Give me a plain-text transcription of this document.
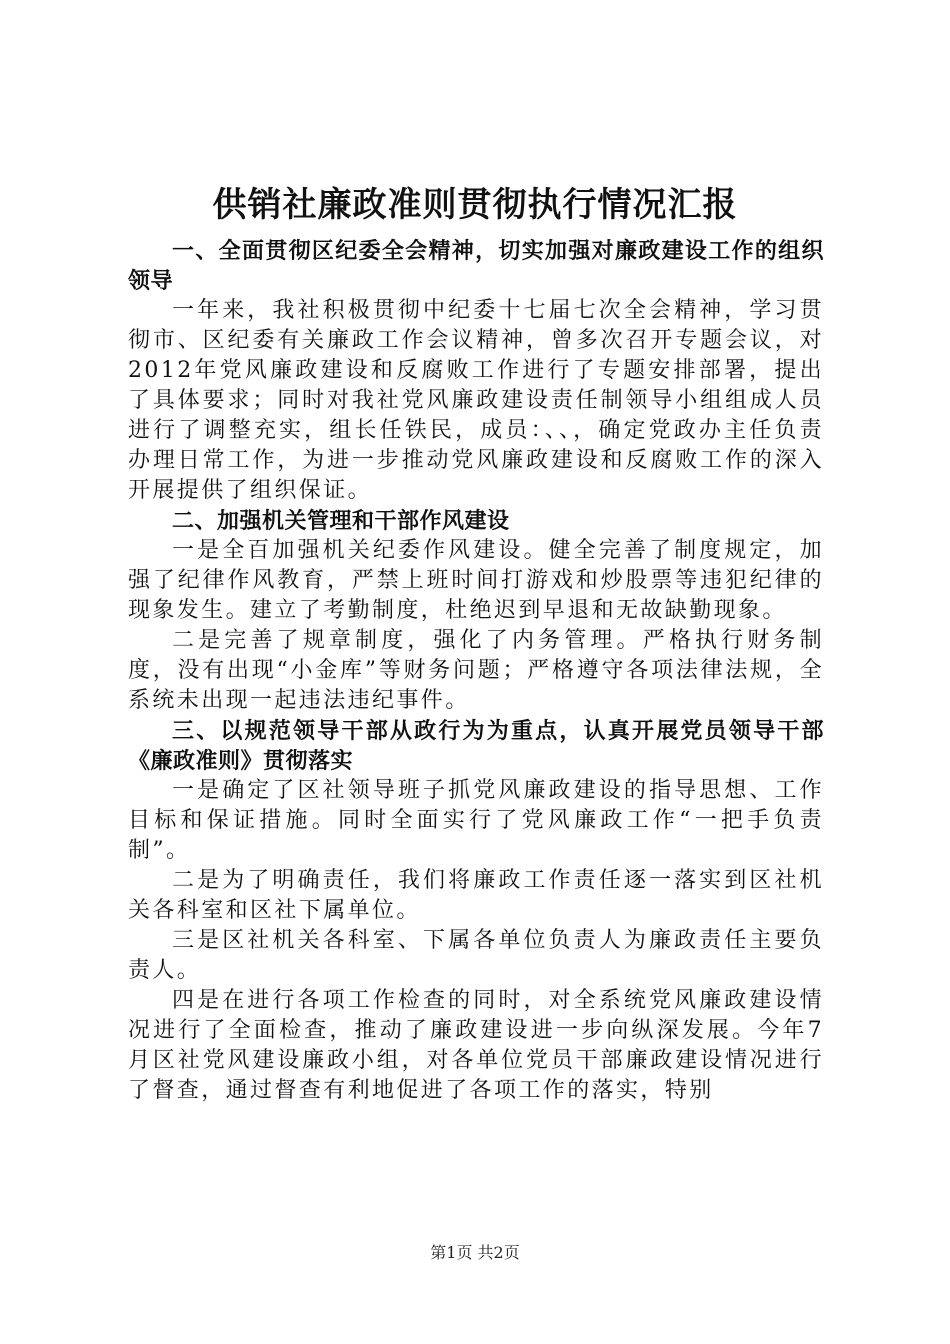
供销社廉政准则贯彻执行情况汇报

一、全面贯彻区纪委全会精神，切实加强对廉政建设工作的组织领导

一年来，我社积极贯彻中纪委十七届七次全会精神，学习贯彻市、区纪委有关廉政工作会议精神，曾多次召开专题会议，对2012年党风廉政建设和反腐败工作进行了专题安排部署，提出了具体要求；同时对我社党风廉政建设责任制领导小组组成人员进行了调整充实，组长任铁民，成员：、、，确定党政办主任负责办理日常工作，为进一步推动党风廉政建设和反腐败工作的深入开展提供了组织保证。

二、加强机关管理和干部作风建设

一是全百加强机关纪委作风建设。健全完善了制度规定，加强了纪律作风教育，严禁上班时间打游戏和炒股票等违犯纪律的现象发生。建立了考勤制度，杜绝迟到早退和无故缺勤现象。

二是完善了规章制度，强化了内务管理。严格执行财务制度，没有出现“小金库”等财务问题；严格遵守各项法律法规，全系统未出现一起违法违纪事件。

三、以规范领导干部从政行为为重点，认真开展党员领导干部《廉政准则》贯彻落实

一是确定了区社领导班子抓党风廉政建设的指导思想、工作目标和保证措施。同时全面实行了党风廉政工作“一把手负责制”。

二是为了明确责任，我们将廉政工作责任逐一落实到区社机关各科室和区社下属单位。

三是区社机关各科室、下属各单位负责人为廉政责任主要负责人。

四是在进行各项工作检查的同时，对全系统党风廉政建设情况进行了全面检查，推动了廉政建设进一步向纵深发展。今年7月区社党风建设廉政小组，对各单位党员干部廉政建设情况进行了督查，通过督查有利地促进了各项工作的落实，特别

第1页 共2页
